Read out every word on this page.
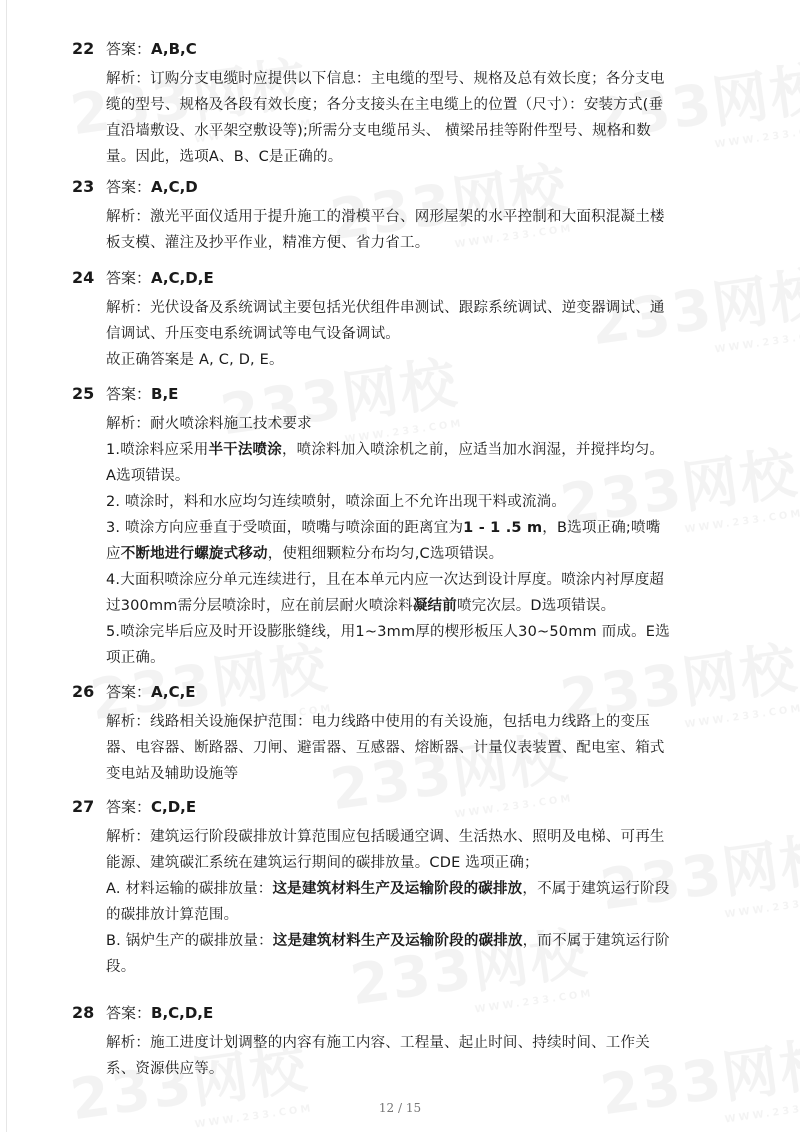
22 答案：A,B,C
解析：订购分支电缆时应提供以下信息：主电缆的型号、规格及总有效长度；各分支电
缆的型号、规格及各段有效长度；各分支接头在主电缆上的位置（尺寸）：安装方式(垂
直沿墙敷设、水平架空敷设等);所需分支电缆吊头、 横梁吊挂等附件型号、规格和数
量。因此，选项A、B、C是正确的。
23 答案：A,C,D
解析：激光平面仪适用于提升施工的滑模平台、网形屋架的水平控制和大面积混凝土楼
板支模、灌注及抄平作业，精准方便、省力省工。
24 答案：A,C,D,E
解析：光伏设备及系统调试主要包括光伏组件串测试、跟踪系统调试、逆变器调试、通
信调试、升压变电系统调试等电气设备调试。
故正确答案是 A, C, D, E。
25 答案：B,E
解析：耐火喷涂料施工技术要求
1.喷涂料应采用半干法喷涂，喷涂料加入喷涂机之前，应适当加水润湿，并搅拌均匀。
A选项错误。
2. 喷涂时，料和水应均匀连续喷射，喷涂面上不允许出现干料或流淌。
3. 喷涂方向应垂直于受喷面，喷嘴与喷涂面的距离宜为1 - 1 .5 m，B选项正确;喷嘴
应不断地进行螺旋式移动，使粗细颗粒分布均匀,C选项错误。
4.大面积喷涂应分单元连续进行，且在本单元内应一次达到设计厚度。喷涂内衬厚度超
过300mm需分层喷涂时，应在前层耐火喷涂料凝结前喷完次层。D选项错误。
5.喷涂完毕后应及时开设膨胀缝线，用1~3mm厚的楔形板压人30~50mm 而成。E选
项正确。
26 答案：A,C,E
解析：线路相关设施保护范围：电力线路中使用的有关设施，包括电力线路上的变压
器、电容器、断路器、刀闸、避雷器、互感器、熔断器、计量仪表装置、配电室、箱式
变电站及辅助设施等
27 答案：C,D,E
解析：建筑运行阶段碳排放计算范围应包括暖通空调、生活热水、照明及电梯、可再生
能源、建筑碳汇系统在建筑运行期间的碳排放量。CDE 选项正确；
A. 材料运输的碳排放量：这是建筑材料生产及运输阶段的碳排放，不属于建筑运行阶段
的碳排放计算范围。
B. 锅炉生产的碳排放量：这是建筑材料生产及运输阶段的碳排放，而不属于建筑运行阶
段。
28 答案：B,C,D,E
解析：施工进度计划调整的内容有施工内容、工程量、起止时间、持续时间、工作关
系、资源供应等。
12 / 15
